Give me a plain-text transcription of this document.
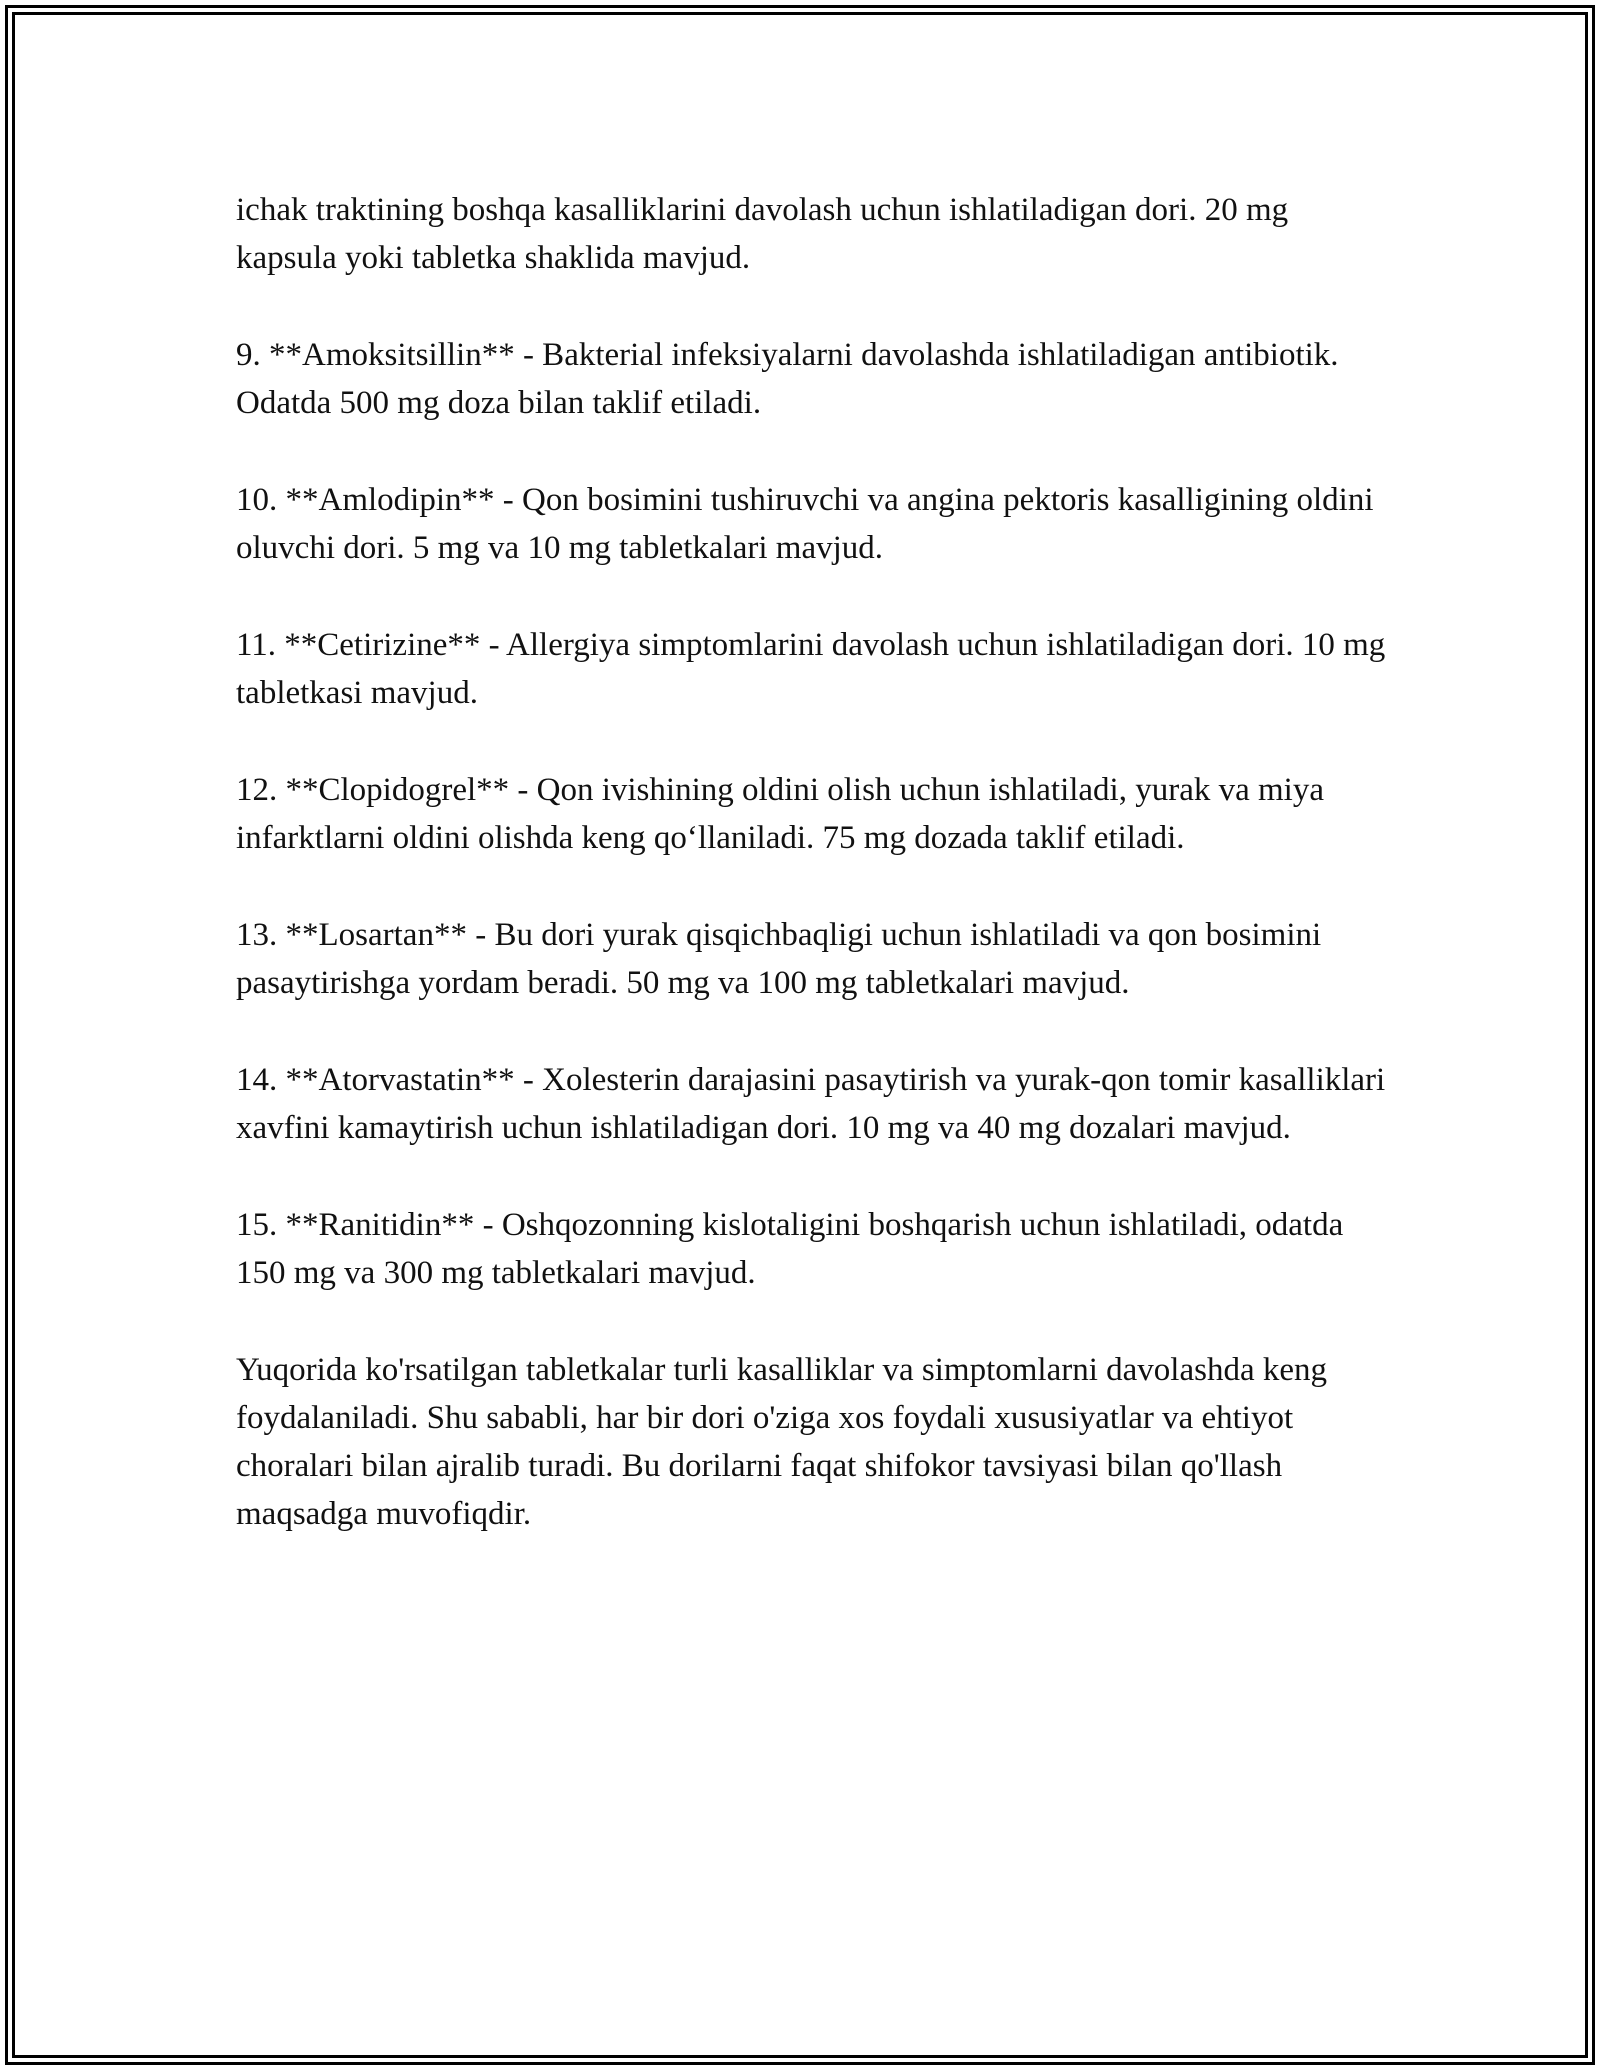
ichak traktining boshqa kasalliklarini davolash uchun ishlatiladigan dori. 20 mg kapsula yoki tabletka shaklida mavjud.

9. **Amoksitsillin** - Bakterial infeksiyalarni davolashda ishlatiladigan antibiotik. Odatda 500 mg doza bilan taklif etiladi.

10. **Amlodipin** - Qon bosimini tushiruvchi va angina pektoris kasalligining oldini oluvchi dori. 5 mg va 10 mg tabletkalari mavjud.

11. **Cetirizine** - Allergiya simptomlarini davolash uchun ishlatiladigan dori. 10 mg tabletkasi mavjud.

12. **Clopidogrel** - Qon ivishining oldini olish uchun ishlatiladi, yurak va miya infarktlarni oldini olishda keng qo‘llaniladi. 75 mg dozada taklif etiladi.

13. **Losartan** - Bu dori yurak qisqichbaqligi uchun ishlatiladi va qon bosimini pasaytirishga yordam beradi. 50 mg va 100 mg tabletkalari mavjud.

14. **Atorvastatin** - Xolesterin darajasini pasaytirish va yurak-qon tomir kasalliklari xavfini kamaytirish uchun ishlatiladigan dori. 10 mg va 40 mg dozalari mavjud.

15. **Ranitidin** - Oshqozonning kislotaligini boshqarish uchun ishlatiladi, odatda 150 mg va 300 mg tabletkalari mavjud.

Yuqorida ko'rsatilgan tabletkalar turli kasalliklar va simptomlarni davolashda keng foydalaniladi. Shu sababli, har bir dori o'ziga xos foydali xususiyatlar va ehtiyot choralari bilan ajralib turadi. Bu dorilarni faqat shifokor tavsiyasi bilan qo'llash maqsadga muvofiqdir.
